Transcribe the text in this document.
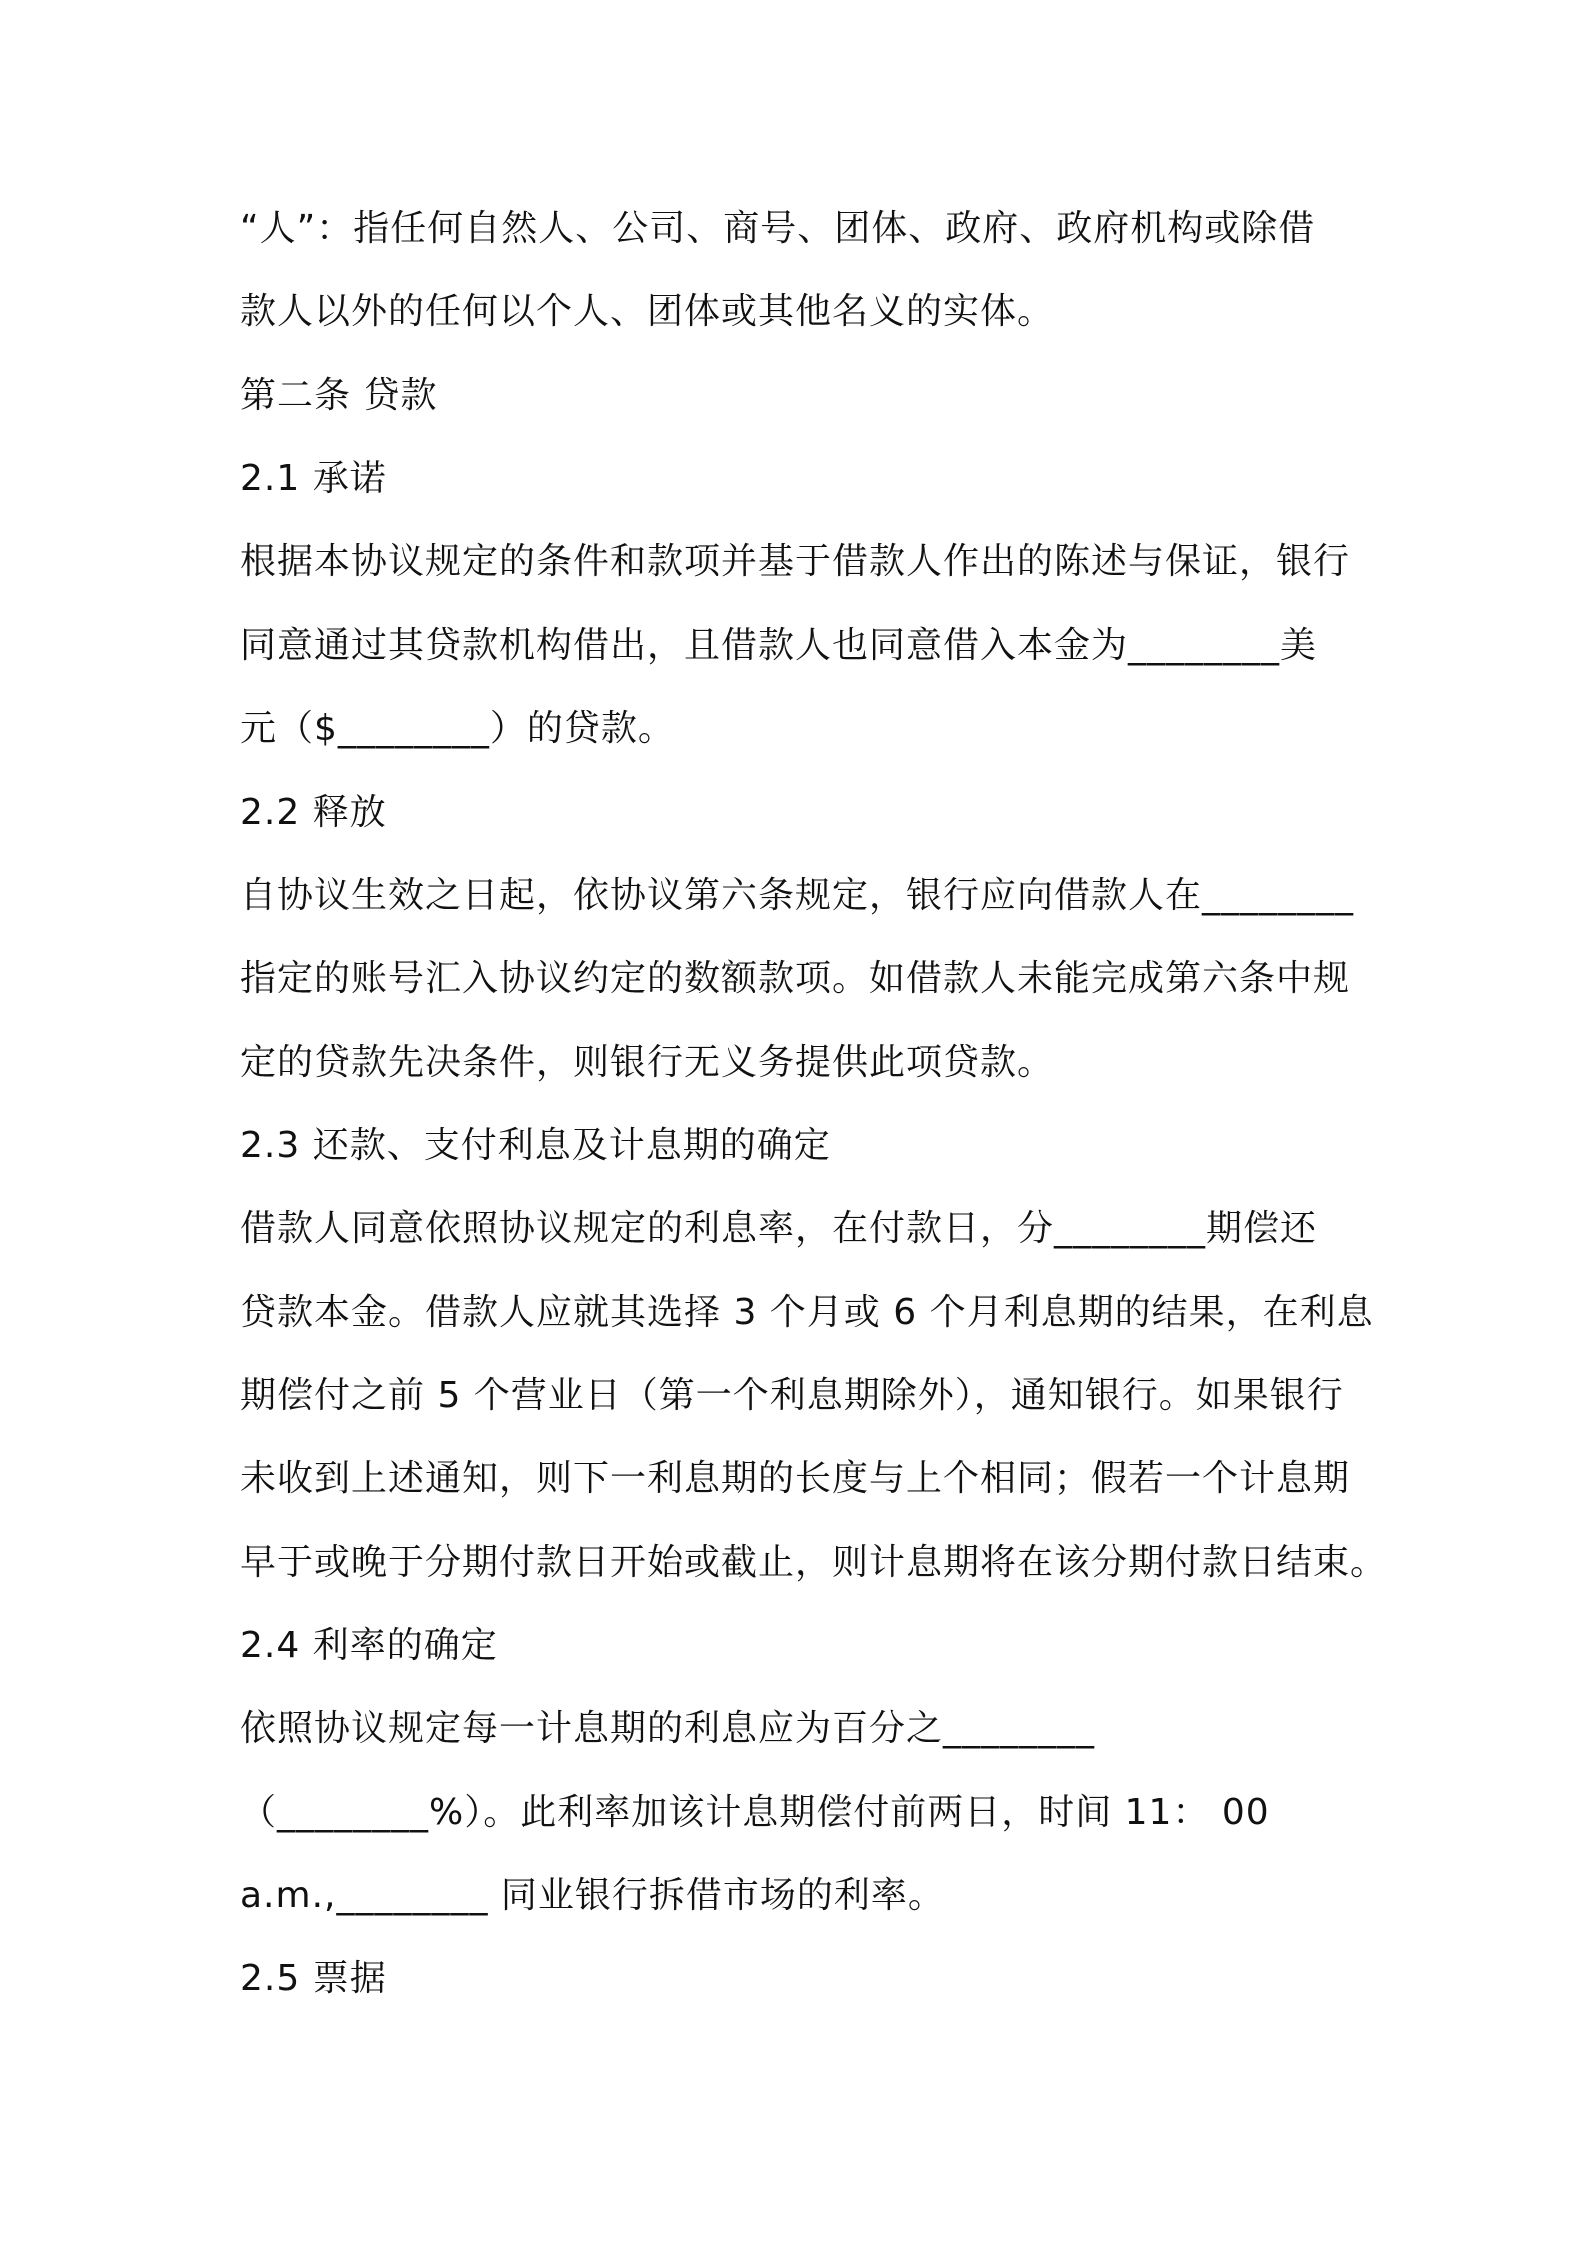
“人”：指任何自然人、公司、商号、团体、政府、政府机构或除借

款人以外的任何以个人、团体或其他名义的实体。

第二条 贷款

2.1 承诺

根据本协议规定的条件和款项并基于借款人作出的陈述与保证，银行

同意通过其贷款机构借出，且借款人也同意借入本金为________美

元（$________）的贷款。

2.2 释放

自协议生效之日起，依协议第六条规定，银行应向借款人在________

指定的账号汇入协议约定的数额款项。如借款人未能完成第六条中规

定的贷款先决条件，则银行无义务提供此项贷款。

2.3 还款、支付利息及计息期的确定

借款人同意依照协议规定的利息率，在付款日，分________期偿还

贷款本金。借款人应就其选择 3 个月或 6 个月利息期的结果，在利息

期偿付之前 5 个营业日（第一个利息期除外），通知银行。如果银行

未收到上述通知，则下一利息期的长度与上个相同；假若一个计息期

早于或晚于分期付款日开始或截止，则计息期将在该分期付款日结束。

2.4 利率的确定

依照协议规定每一计息期的利息应为百分之________

（________%）。此利率加该计息期偿付前两日，时间 11： 00

a.m.,________ 同业银行拆借市场的利率。

2.5 票据
